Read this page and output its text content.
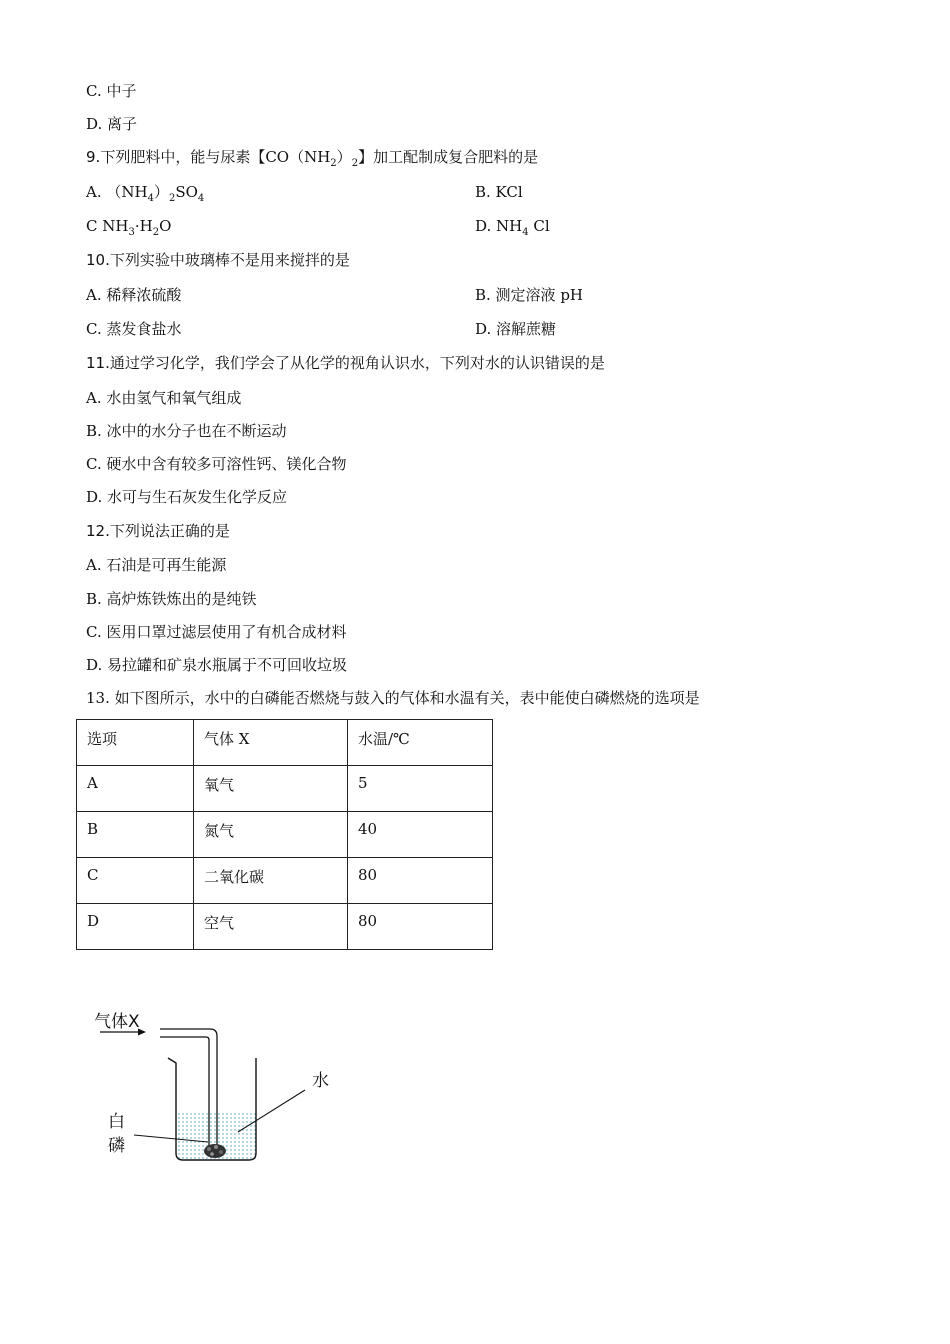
C. 中子
D. 离子
9.下列肥料中，能与尿素【$CO(NH_2)_2$】加工配制成复合肥料的是
A. $(NH_4)_2SO_4$	B. KCl
C $NH_3\cdot H_2O$	D. $NH_4$ Cl
10.下列实验中玻璃棒不是用来搅拌的是
A. 稀释浓硫酸	B. 测定溶液 pH
C. 蒸发食盐水	D. 溶解蔗糖
11.通过学习化学，我们学会了从化学的视角认识水，下列对水的认识错误的是
A. 水由氢气和氧气组成
B. 冰中的水分子也在不断运动
C. 硬水中含有较多可溶性钙、镁化合物
D. 水可与生石灰发生化学反应
12.下列说法正确的是
A. 石油是可再生能源
B. 高炉炼铁炼出的是纯铁
C. 医用口罩过滤层使用了有机合成材料
D. 易拉罐和矿泉水瓶属于不可回收垃圾
13. 如下图所示，水中的白磷能否燃烧与鼓入的气体和水温有关，表中能使白磷燃烧的选项是
选项	气体 X	水温/℃
A	氧气	5
B	氮气	40
C	二氧化碳	80
D	空气	80
气体X
水
白
磷
